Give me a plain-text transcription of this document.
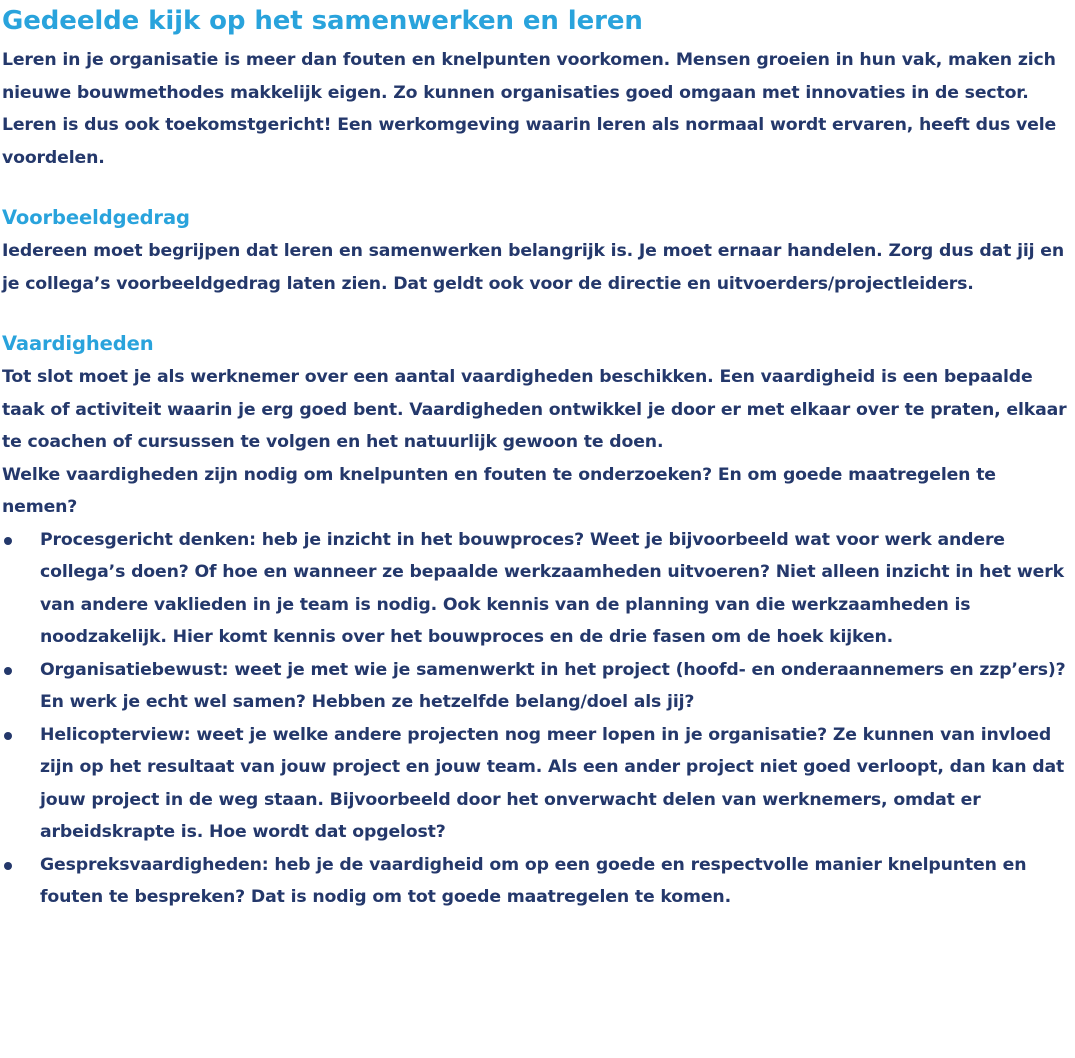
Gedeelde kijk op het samenwerken en leren

Leren in je organisatie is meer dan fouten en knelpunten voorkomen. Mensen groeien in hun vak, maken zich nieuwe bouwmethodes makkelijk eigen. Zo kunnen organisaties goed omgaan met innovaties in de sector. Leren is dus ook toekomstgericht! Een werkomgeving waarin leren als normaal wordt ervaren, heeft dus vele voordelen.

Voorbeeldgedrag

Iedereen moet begrijpen dat leren en samenwerken belangrijk is. Je moet ernaar handelen. Zorg dus dat jij en je collega’s voorbeeldgedrag laten zien. Dat geldt ook voor de directie en uitvoerders/projectleiders.

Vaardigheden

Tot slot moet je als werknemer over een aantal vaardigheden beschikken. Een vaardigheid is een bepaalde taak of activiteit waarin je erg goed bent. Vaardigheden ontwikkel je door er met elkaar over te praten, elkaar te coachen of cursussen te volgen en het natuurlijk gewoon te doen.

Welke vaardigheden zijn nodig om knelpunten en fouten te onderzoeken? En om goede maatregelen te nemen?

Procesgericht denken: heb je inzicht in het bouwproces? Weet je bijvoorbeeld wat voor werk andere collega’s doen? Of hoe en wanneer ze bepaalde werkzaamheden uitvoeren? Niet alleen inzicht in het werk van andere vaklieden in je team is nodig. Ook kennis van de planning van die werkzaamheden is noodzakelijk. Hier komt kennis over het bouwproces en de drie fasen om de hoek kijken.
Organisatiebewust: weet je met wie je samenwerkt in het project (hoofd- en onderaannemers en zzp’ers)? En werk je echt wel samen? Hebben ze hetzelfde belang/doel als jij?
Helicopterview: weet je welke andere projecten nog meer lopen in je organisatie? Ze kunnen van invloed zijn op het resultaat van jouw project en jouw team. Als een ander project niet goed verloopt, dan kan dat jouw project in de weg staan. Bijvoorbeeld door het onverwacht delen van werknemers, omdat er arbeidskrapte is. Hoe wordt dat opgelost?
Gespreksvaardigheden: heb je de vaardigheid om op een goede en respectvolle manier knelpunten en fouten te bespreken? Dat is nodig om tot goede maatregelen te komen.
